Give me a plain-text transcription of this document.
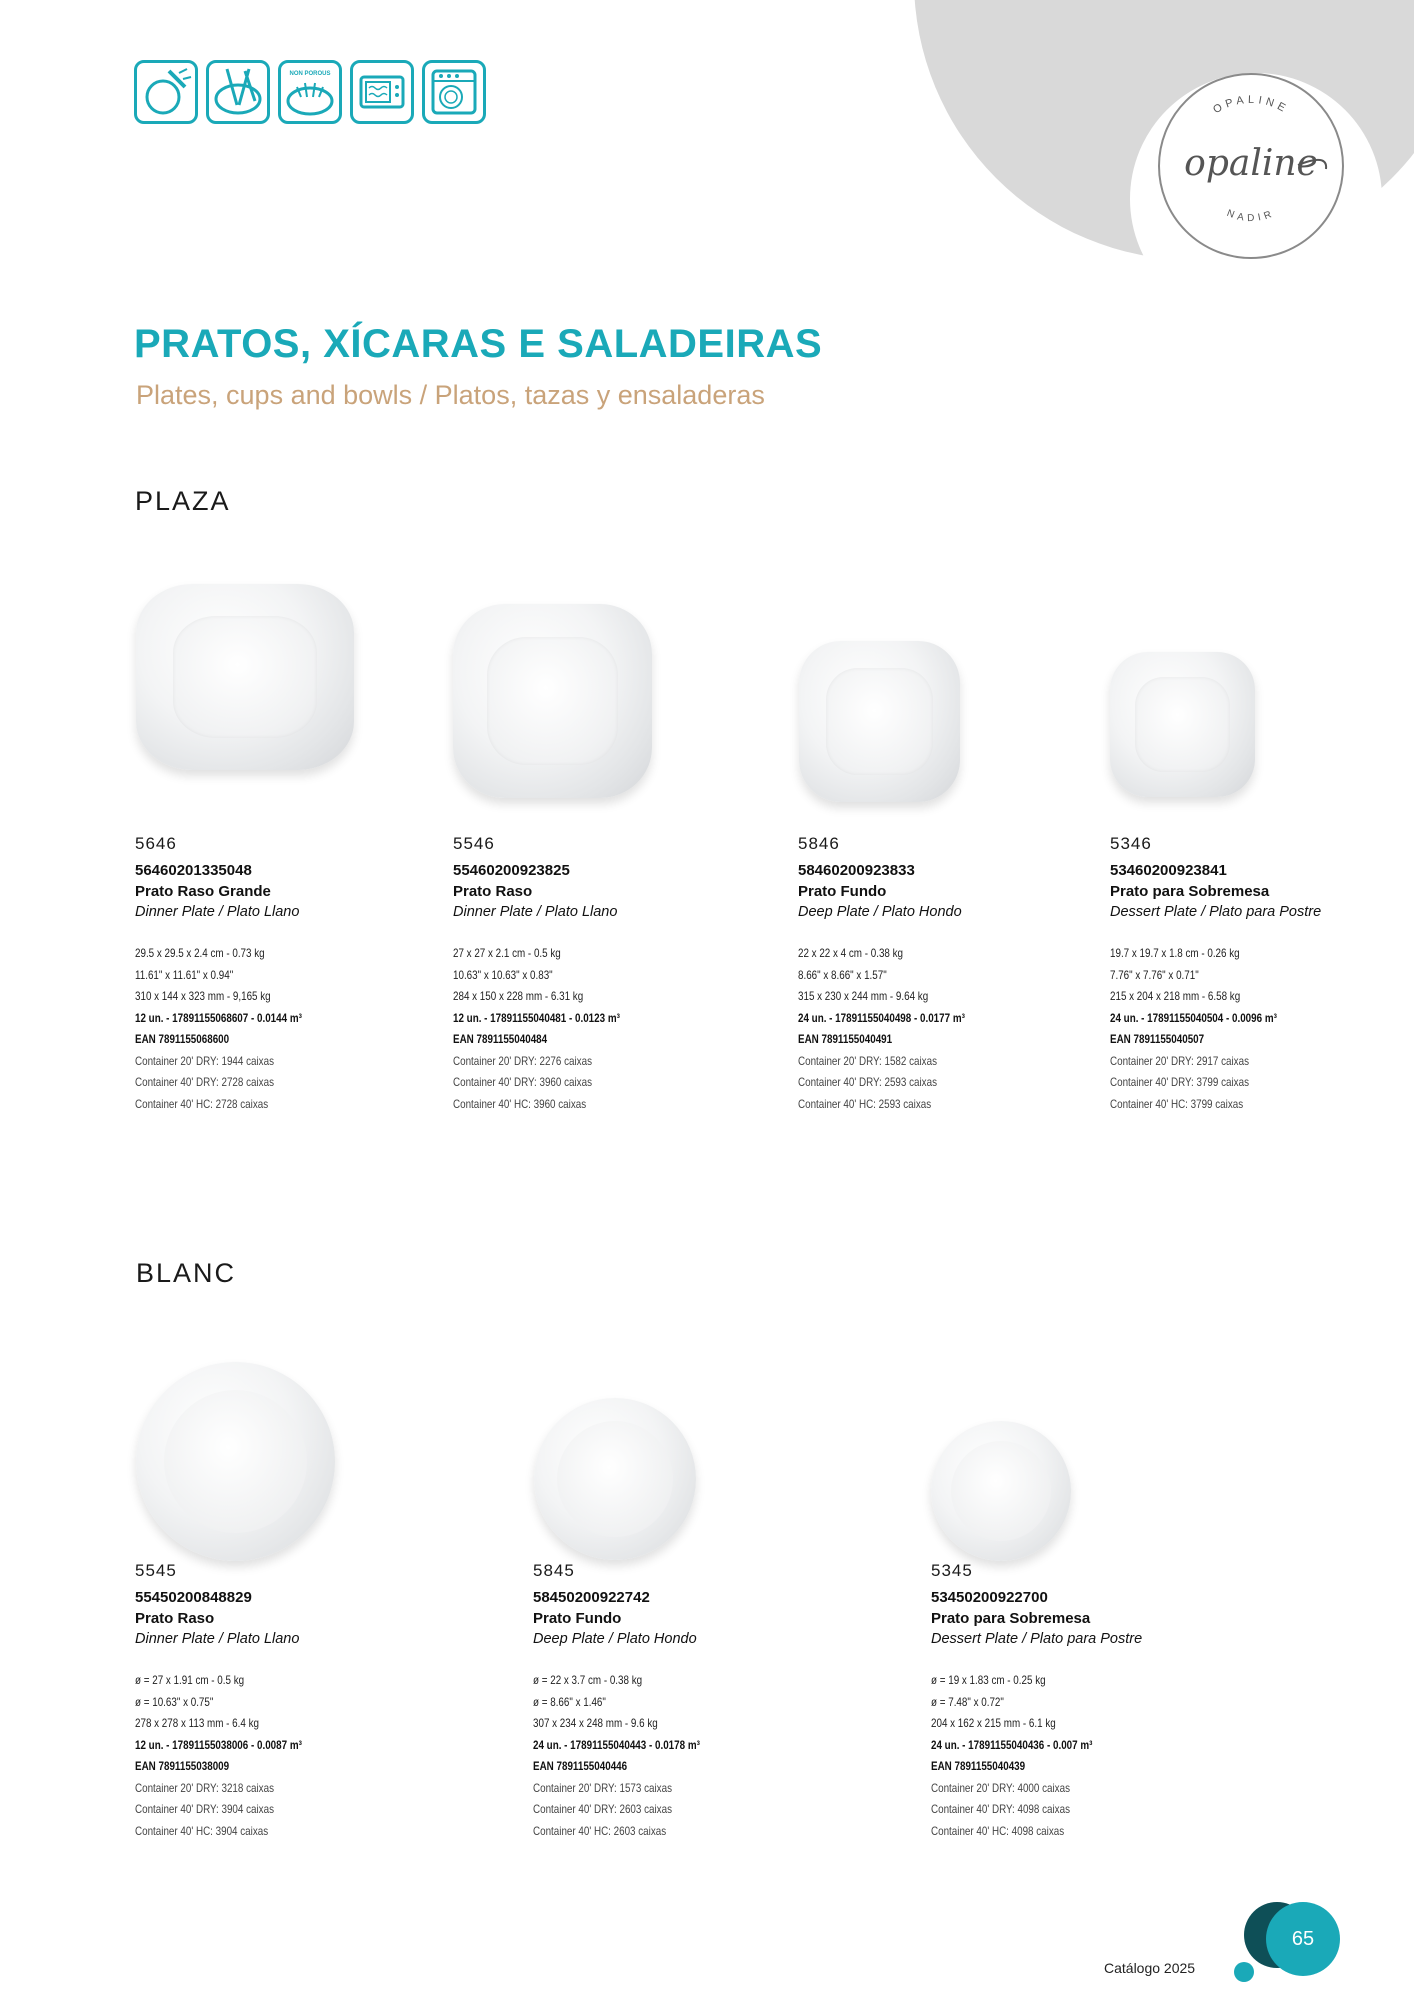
OPALINE
NADIR
opaline
NON POROUS
PRATOS, XÍCARAS E SALADEIRAS
Plates, cups and bowls / Platos, tazas y ensaladeras
PLAZA
5646
56460201335048
Prato Raso Grande
Dinner Plate / Plato Llano
29.5 x 29.5 x 2.4 cm - 0.73 kg
11.61" x 11.61" x 0.94"
310 x 144 x 323 mm - 9,165 kg
12 un. - 17891155068607 - 0.0144 m³
EAN 7891155068600
Container 20' DRY: 1944 caixas
Container 40' DRY: 2728 caixas
Container 40' HC: 2728 caixas
5546
55460200923825
Prato Raso
Dinner Plate / Plato Llano
27 x 27 x 2.1 cm - 0.5 kg
10.63" x 10.63" x 0.83"
284 x 150 x 228 mm - 6.31 kg
12 un. - 17891155040481 - 0.0123 m³
EAN 7891155040484
Container 20' DRY: 2276 caixas
Container 40' DRY: 3960 caixas
Container 40' HC: 3960 caixas
5846
58460200923833
Prato Fundo
Deep Plate / Plato Hondo
22 x 22 x 4 cm - 0.38 kg
8.66" x 8.66" x 1.57"
315 x 230 x 244 mm - 9.64 kg
24 un. - 17891155040498 - 0.0177 m³
EAN 7891155040491
Container 20' DRY: 1582 caixas
Container 40' DRY: 2593 caixas
Container 40' HC: 2593 caixas
5346
53460200923841
Prato para Sobremesa
Dessert Plate / Plato para Postre
19.7 x 19.7 x 1.8 cm - 0.26 kg
7.76" x 7.76" x 0.71"
215 x 204 x 218 mm - 6.58 kg
24 un. - 17891155040504 - 0.0096 m³
EAN 7891155040507
Container 20' DRY: 2917 caixas
Container 40' DRY: 3799 caixas
Container 40' HC: 3799 caixas
BLANC
5545
55450200848829
Prato Raso
Dinner Plate / Plato Llano
ø = 27 x 1.91 cm - 0.5 kg
ø = 10.63" x 0.75"
278 x 278 x 113 mm - 6.4 kg
12 un. - 17891155038006 - 0.0087 m³
EAN 7891155038009
Container 20' DRY: 3218 caixas
Container 40' DRY: 3904 caixas
Container 40' HC: 3904 caixas
5845
58450200922742
Prato Fundo
Deep Plate / Plato Hondo
ø = 22 x 3.7 cm - 0.38 kg
ø = 8.66" x 1.46"
307 x 234 x 248 mm - 9.6 kg
24 un. - 17891155040443 - 0.0178 m³
EAN 7891155040446
Container 20' DRY: 1573 caixas
Container 40' DRY: 2603 caixas
Container 40' HC: 2603 caixas
5345
53450200922700
Prato para Sobremesa
Dessert Plate / Plato para Postre
ø = 19 x 1.83 cm - 0.25 kg
ø = 7.48" x 0.72"
204 x 162 x 215 mm - 6.1 kg
24 un. - 17891155040436 - 0.007 m³
EAN 7891155040439
Container 20' DRY: 4000 caixas
Container 40' DRY: 4098 caixas
Container 40' HC: 4098 caixas
Catálogo 2025
65
